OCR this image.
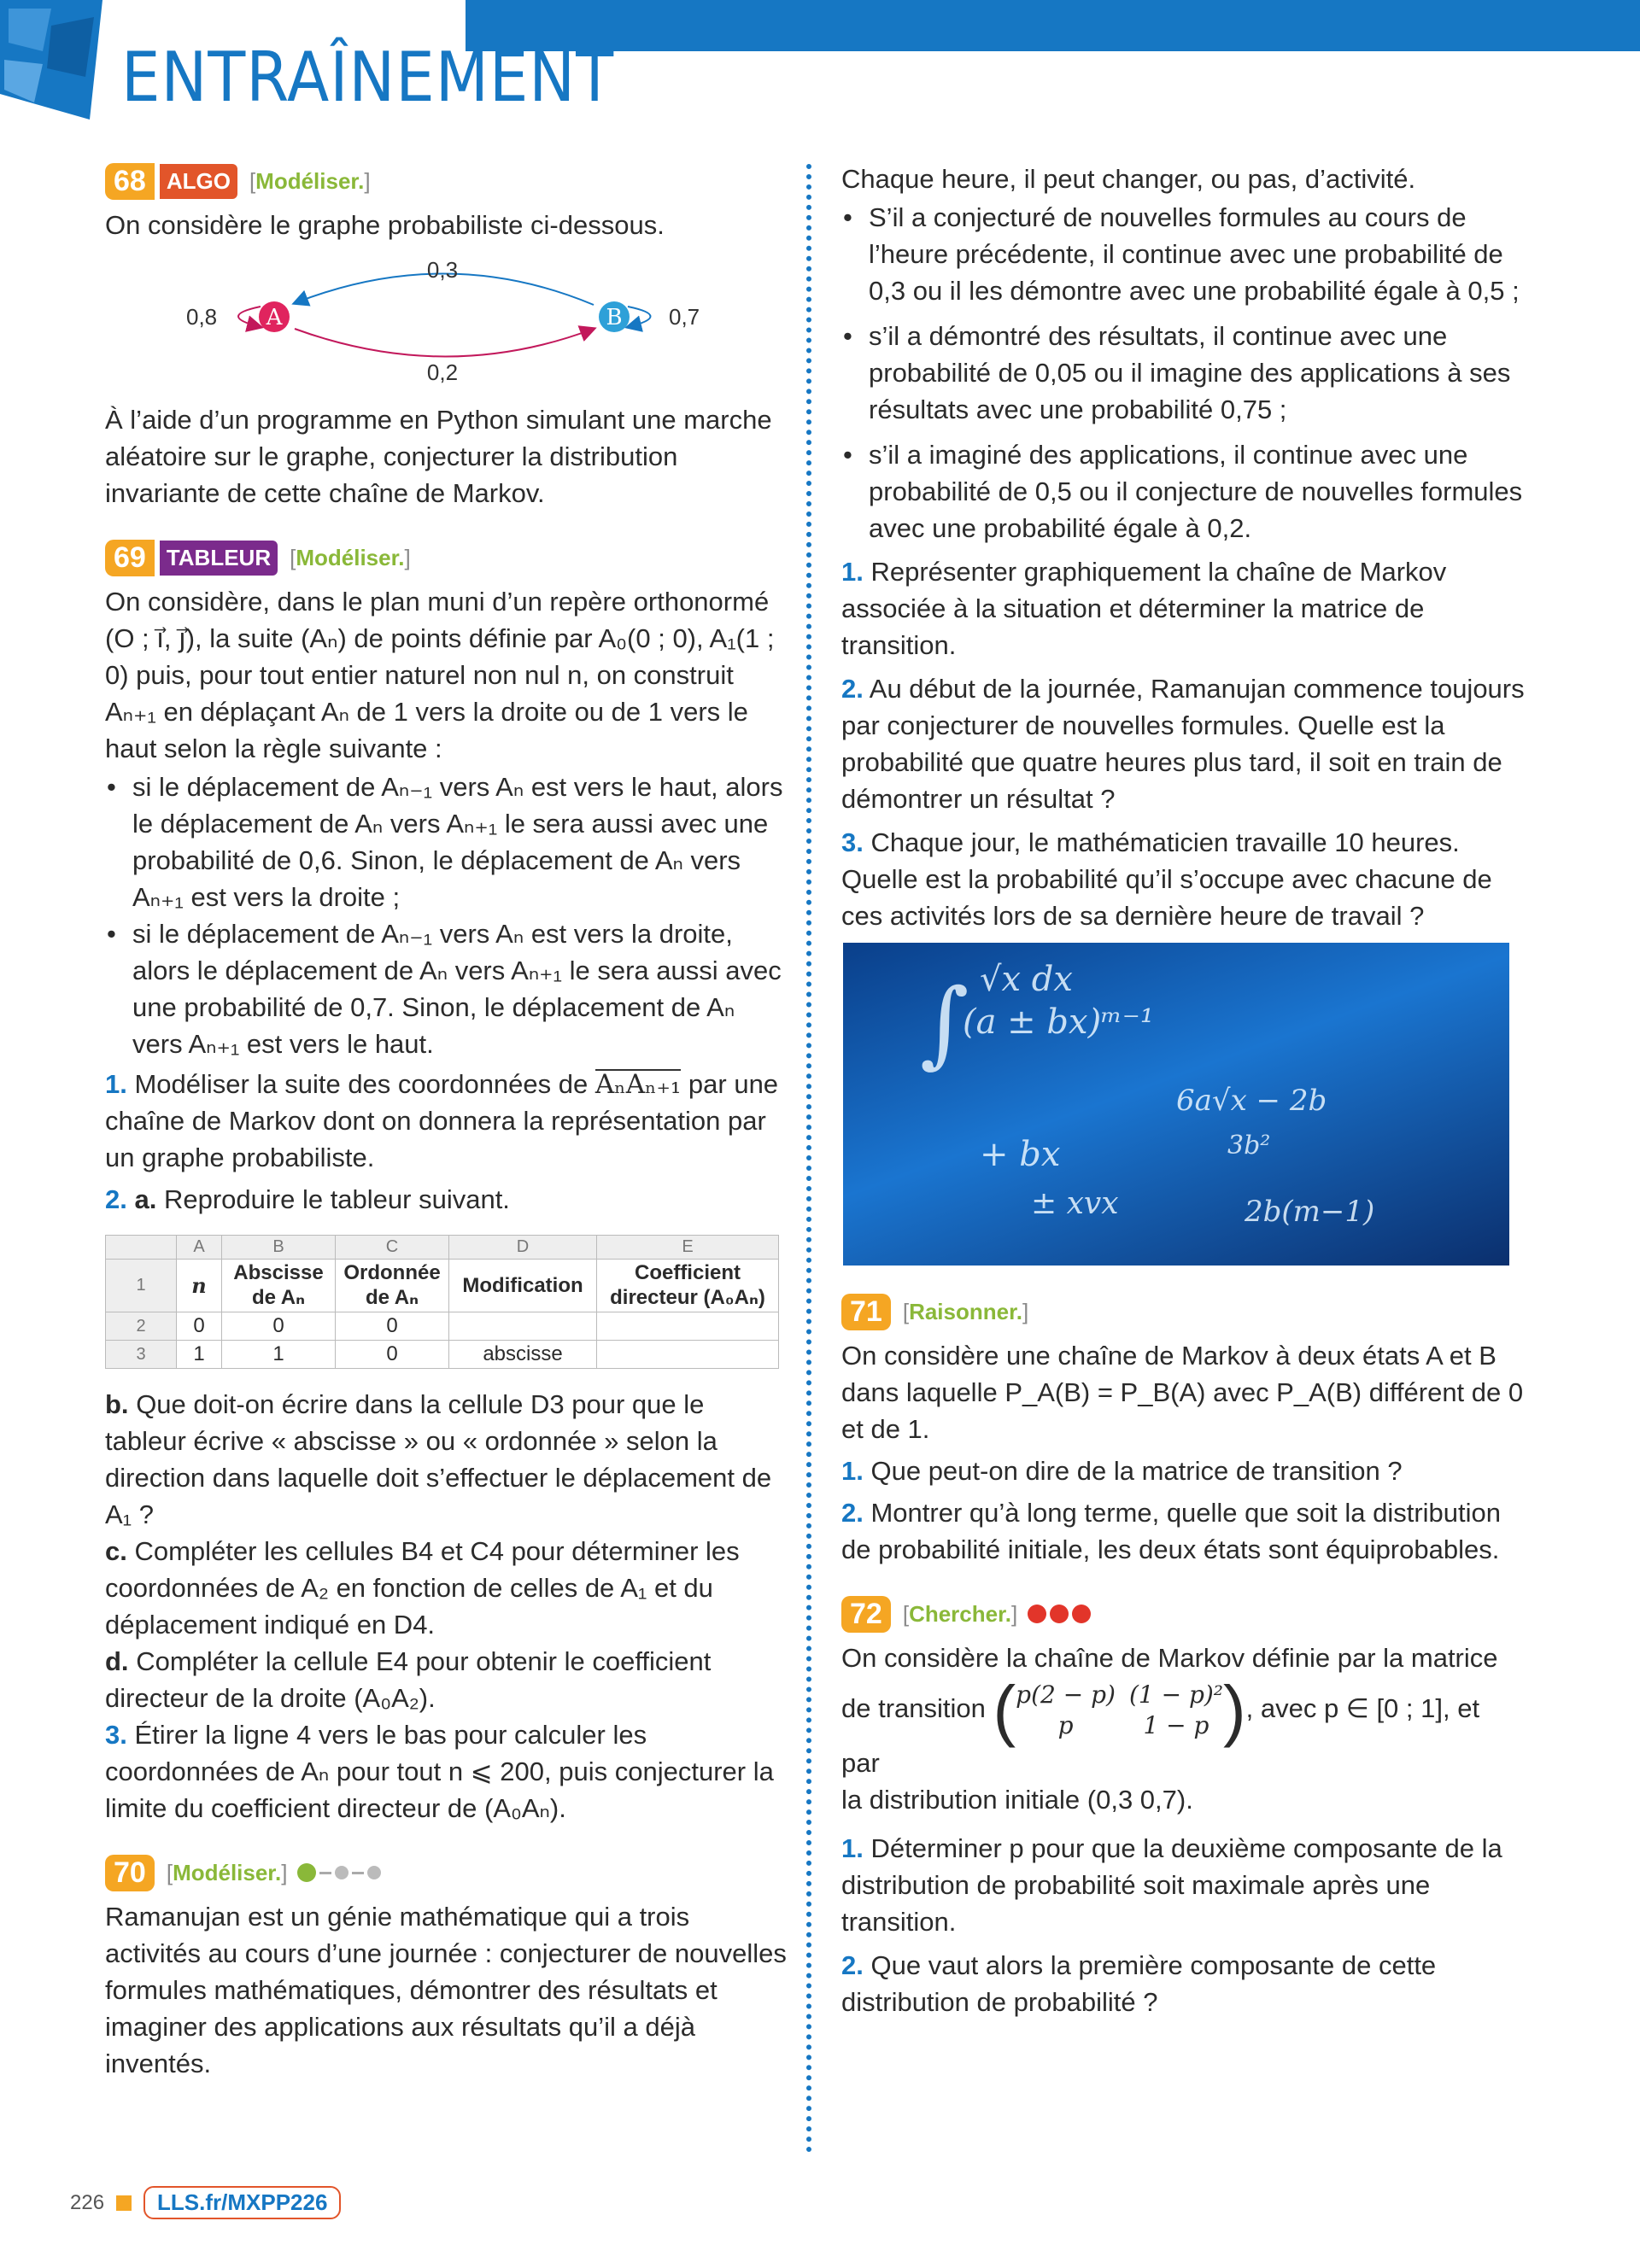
ENTRAÎNEMENT
68 ALGO [Modéliser.]

On considère le graphe probabiliste ci-dessous.

A	B
0,3
0,2
0,8	0,7

À l’aide d’un programme en Python simulant une marche aléatoire sur le graphe, conjecturer la distribution invariante de cette chaîne de Markov.

69 TABLEUR [Modéliser.]

On considère, dans le plan muni d’un repère orthonormé (O ; i⃗, j⃗), la suite (Aₙ) de points définie par A₀(0 ; 0), A₁(1 ; 0) puis, pour tout entier naturel non nul n, on construit Aₙ₊₁ en déplaçant Aₙ de 1 vers la droite ou de 1 vers le haut selon la règle suivante :

• si le déplacement de Aₙ₋₁ vers Aₙ est vers le haut, alors le déplacement de Aₙ vers Aₙ₊₁ le sera aussi avec une probabilité de 0,6. Sinon, le déplacement de Aₙ vers Aₙ₊₁ est vers la droite ;
• si le déplacement de Aₙ₋₁ vers Aₙ est vers la droite, alors le déplacement de Aₙ vers Aₙ₊₁ le sera aussi avec une probabilité de 0,7. Sinon, le déplacement de Aₙ vers Aₙ₊₁ est vers le haut.

1. Modéliser la suite des coordonnées de AₙAₙ₊₁ par une chaîne de Markov dont on donnera la représentation par un graphe probabiliste.

2. a. Reproduire le tableur suivant.

	A	B	C	D	E
1	n	Abscisse de Aₙ	Ordonnée de Aₙ	Modification	Coefficient directeur (A₀Aₙ)
2	0	0	0		
3	1	1	0	abscisse	

b. Que doit-on écrire dans la cellule D3 pour que le tableur écrive « abscisse » ou « ordonnée » selon la direction dans laquelle doit s’effectuer le déplacement de A₁ ?

c. Compléter les cellules B4 et C4 pour déterminer les coordonnées de A₂ en fonction de celles de A₁ et du déplacement indiqué en D4.

d. Compléter la cellule E4 pour obtenir le coefficient directeur de la droite (A₀A₂).

3. Étirer la ligne 4 vers le bas pour calculer les coordonnées de Aₙ pour tout n ⩽ 200, puis conjecturer la limite du coefficient directeur de (A₀Aₙ).

70 [Modéliser.]

Ramanujan est un génie mathématique qui a trois activités au cours d’une journée : conjecturer de nouvelles formules mathématiques, démontrer des résultats et imaginer des applications aux résultats qu’il a déjà inventés.

Chaque heure, il peut changer, ou pas, d’activité.

• S’il a conjecturé de nouvelles formules au cours de l’heure précédente, il continue avec une probabilité de 0,3 ou il les démontre avec une probabilité égale à 0,5 ;
• s’il a démontré des résultats, il continue avec une probabilité de 0,05 ou il imagine des applications à ses résultats avec une probabilité 0,75 ;
• s’il a imaginé des applications, il continue avec une probabilité de 0,5 ou il conjecture de nouvelles formules avec une probabilité égale à 0,2.

1. Représenter graphiquement la chaîne de Markov associée à la situation et déterminer la matrice de transition.

2. Au début de la journée, Ramanujan commence toujours par conjecturer de nouvelles formules. Quelle est la probabilité que quatre heures plus tard, il soit en train de démontrer un résultat ?

3. Chaque jour, le mathématicien travaille 10 heures. Quelle est la probabilité qu’il s’occupe avec chacune de ces activités lors de sa dernière heure de travail ?

√x dx
(a ± bx)ᵐ⁻¹
∫
6a√x − 2b
3b²
+ bx
± xvx	2b(m−1)
71 [Raisonner.]

On considère une chaîne de Markov à deux états A et B dans laquelle P_A(B) = P_B(A) avec P_A(B) différent de 0 et de 1.

1. Que peut-on dire de la matrice de transition ?

2. Montrer qu’à long terme, quelle que soit la distribution de probabilité initiale, les deux états sont équiprobables.

72 [Chercher.]

On considère la chaîne de Markov définie par la matrice

de transition ( p(2 − p) (1 − p)²
p	1 − p ) , avec p ∈ [0 ; 1], et par

la distribution initiale (0,3 0,7).

1. Déterminer p pour que la deuxième composante de la distribution de probabilité soit maximale après une transition.

2. Que vaut alors la première composante de cette distribution de probabilité ?

226	LLS.fr/MXPP226
